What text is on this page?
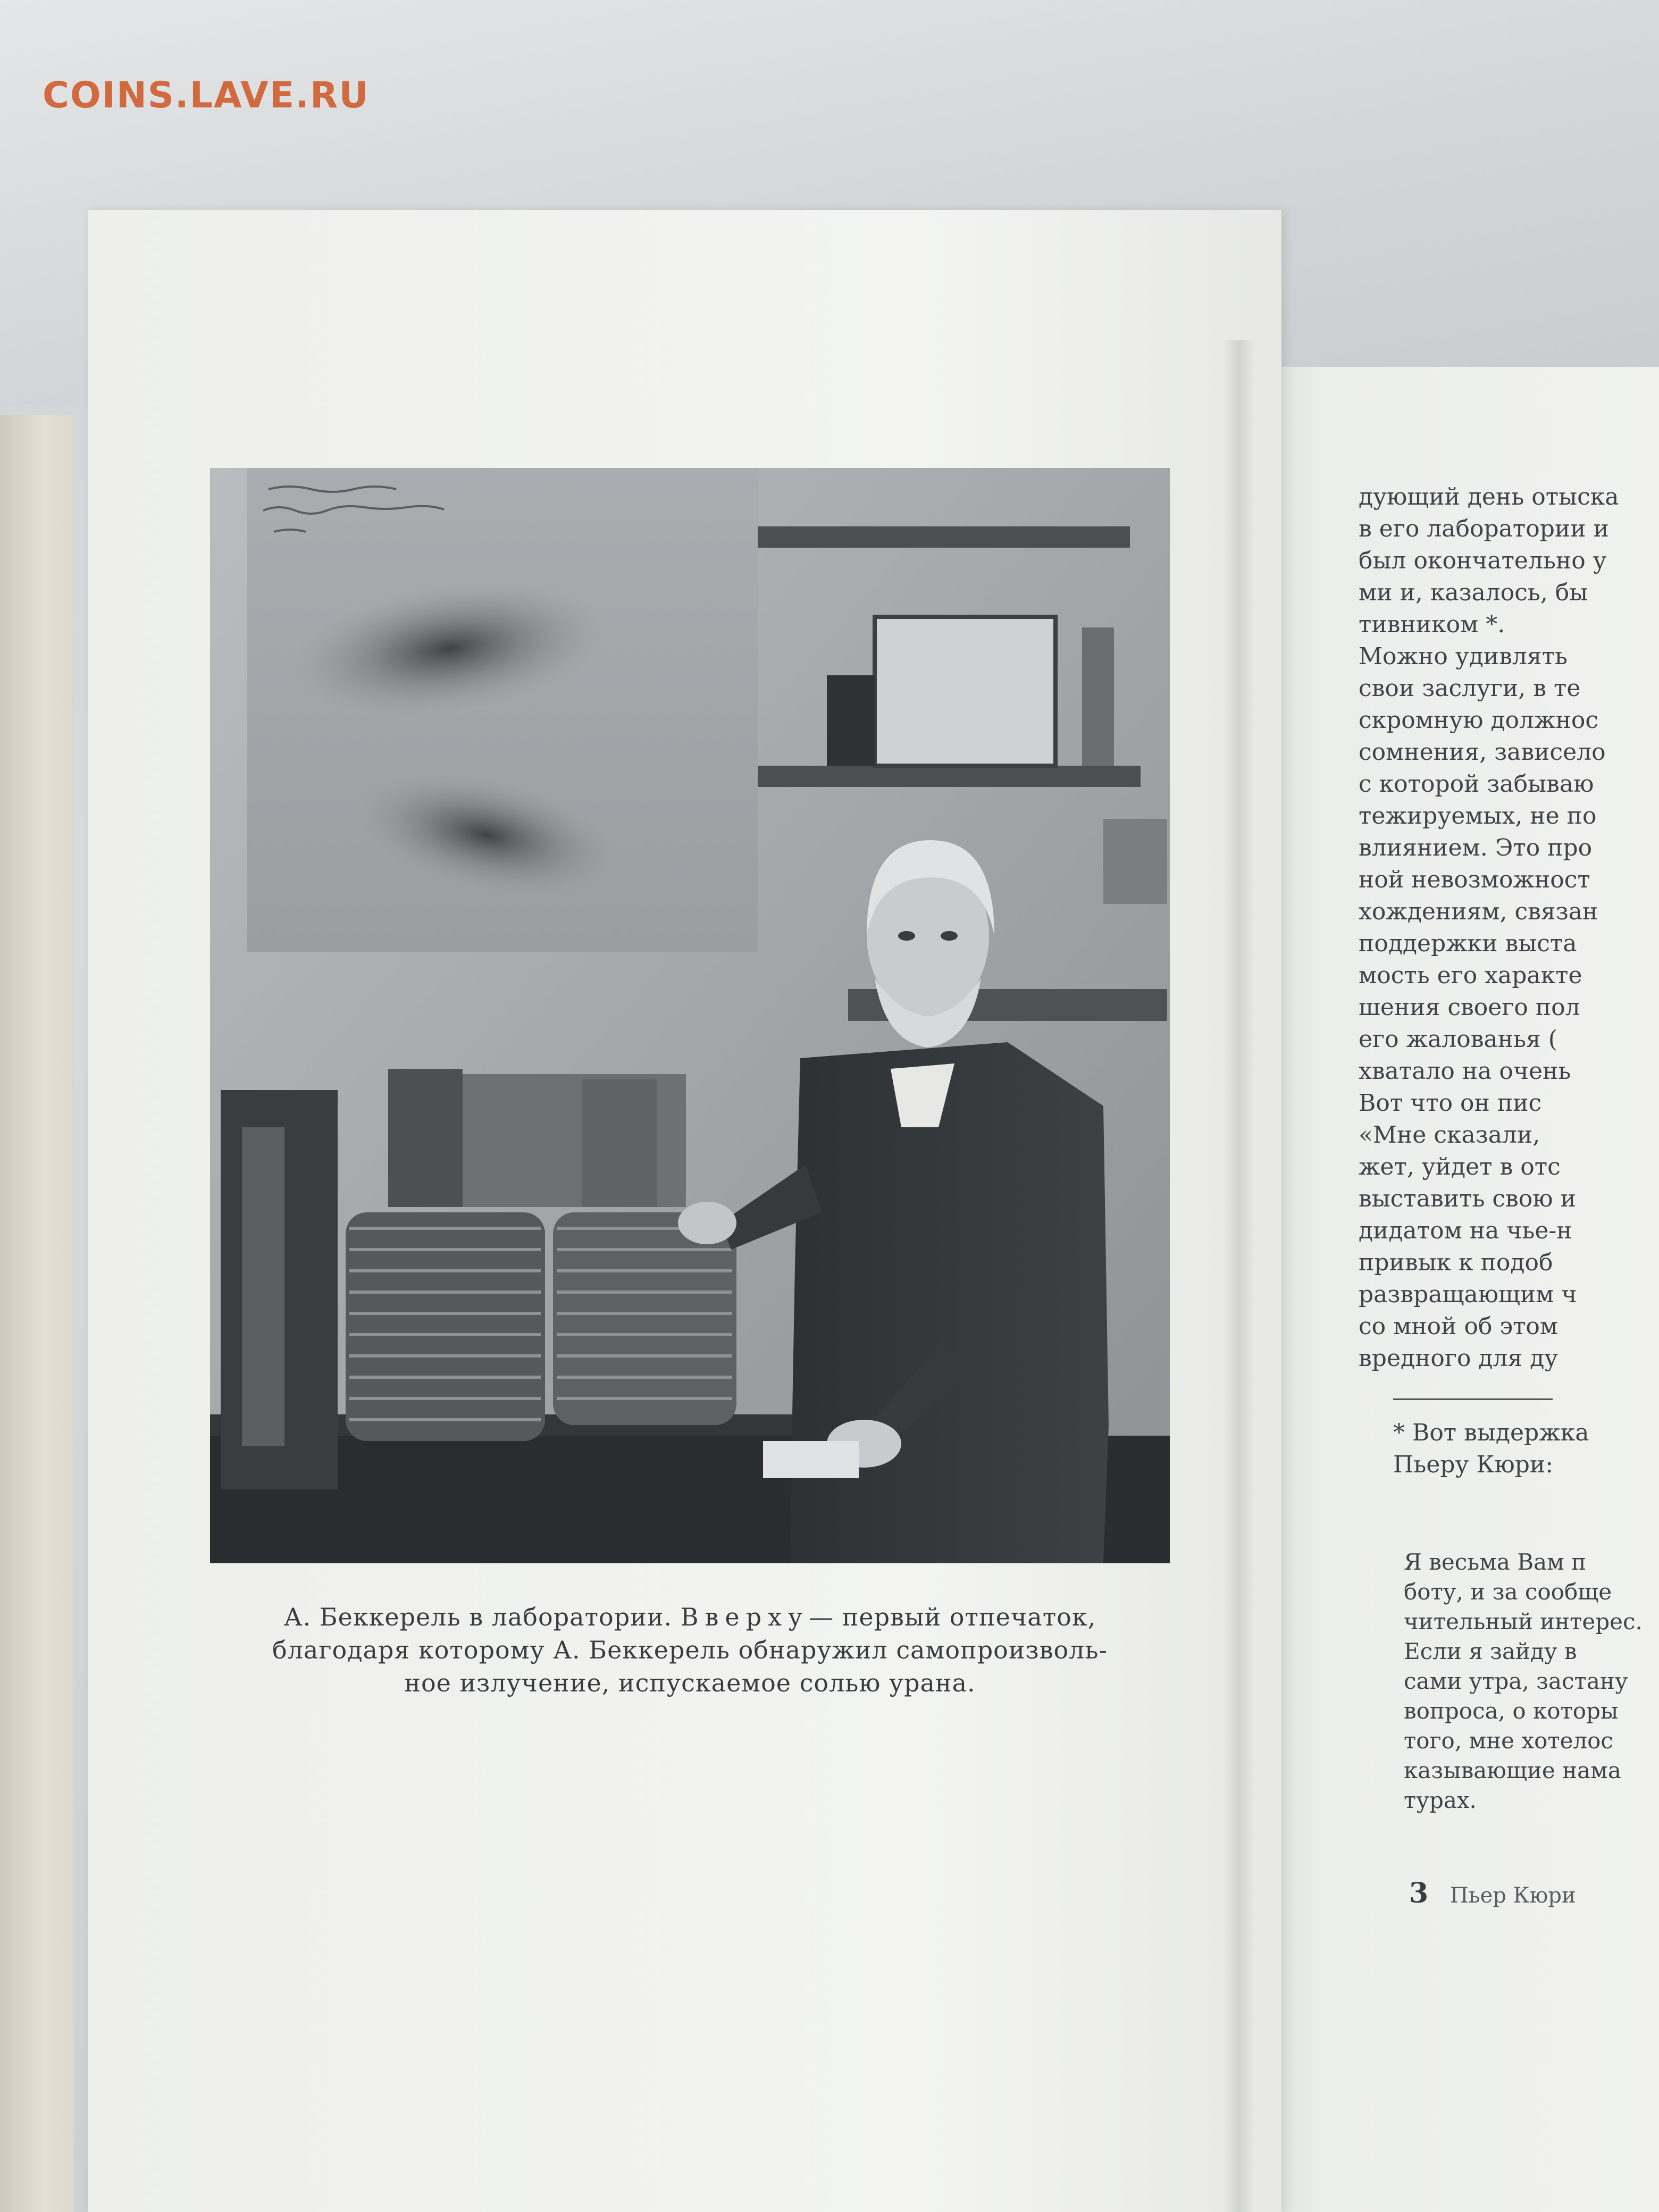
COINS.LAVE.RU
А. Беккерель в лаборатории. Вверху— первый отпечаток,
благодаря которому А. Беккерель обнаружил самопроизволь-
ное излучение, испускаемое солью урана.
дующий день отыска
в его лаборатории и
был окончательно у
ми и, казалось, бы
тивником *.
Можно удивлять
свои заслуги, в те
скромную должнос
сомнения, зависело
с которой забываю
тежируемых, не по
влиянием. Это про
ной невозможност
хождениям, связан
поддержки выста
мость его характе
шения своего пол
его жалованья (
хватало на очень
Вот что он пис
«Мне сказали,
жет, уйдет в отс
выставить свою и
дидатом на чье-н
привык к подоб
развращающим ч
со мной об этом
вредного для ду
* Вот выдержка
Пьеру Кюри:
Я весьма Вам п
боту, и за сообще
чительный интерес.
Если я зайду в
сами утра, застану
вопроса, о которы
того, мне хотелос
казывающие нама
турах.
3 Пьер Кюри
